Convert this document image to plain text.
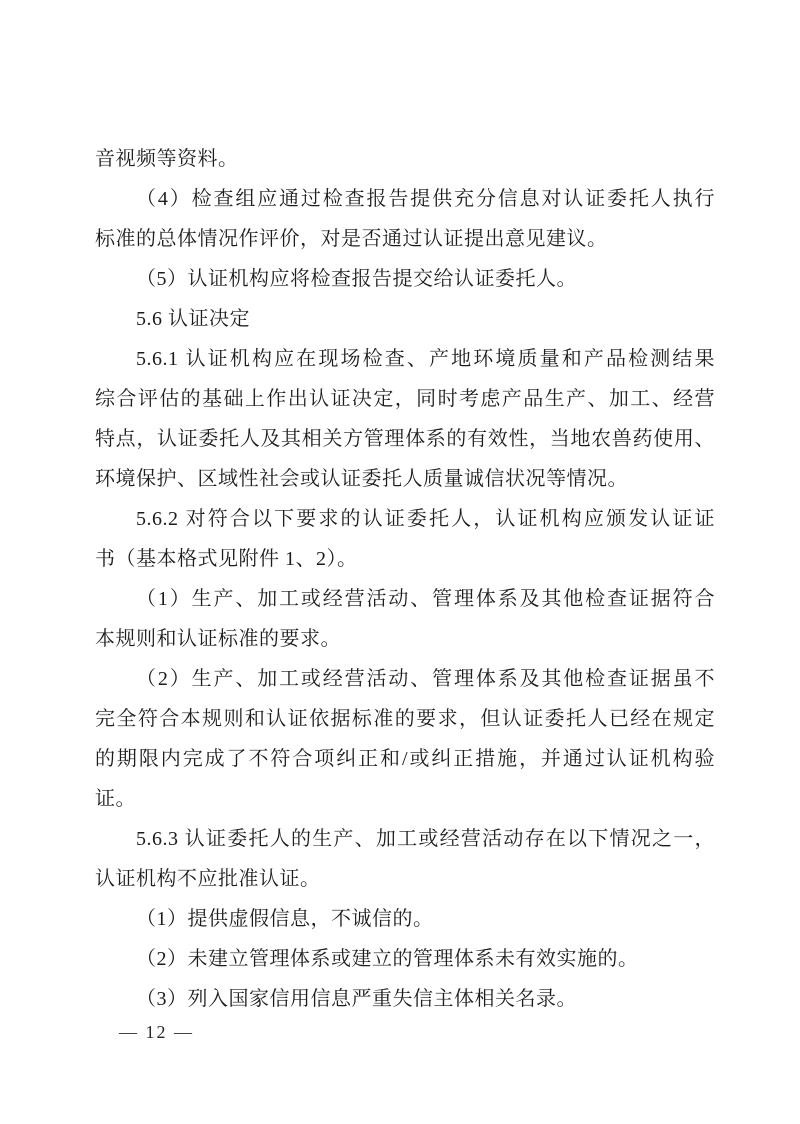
音视频等资料。
（4）检查组应通过检查报告提供充分信息对认证委托人执行
标准的总体情况作评价，对是否通过认证提出意见建议。
（5）认证机构应将检查报告提交给认证委托人。
5.6 认证决定
5.6.1 认证机构应在现场检查、产地环境质量和产品检测结果
综合评估的基础上作出认证决定，同时考虑产品生产、加工、经营
特点，认证委托人及其相关方管理体系的有效性，当地农兽药使用、
环境保护、区域性社会或认证委托人质量诚信状况等情况。
5.6.2 对符合以下要求的认证委托人，认证机构应颁发认证证
书（基本格式见附件 1、2）。
（1）生产、加工或经营活动、管理体系及其他检查证据符合
本规则和认证标准的要求。
（2）生产、加工或经营活动、管理体系及其他检查证据虽不
完全符合本规则和认证依据标准的要求，但认证委托人已经在规定
的期限内完成了不符合项纠正和/或纠正措施，并通过认证机构验
证。
5.6.3 认证委托人的生产、加工或经营活动存在以下情况之一，
认证机构不应批准认证。
（1）提供虚假信息，不诚信的。
（2）未建立管理体系或建立的管理体系未有效实施的。
（3）列入国家信用信息严重失信主体相关名录。
— 12 —
